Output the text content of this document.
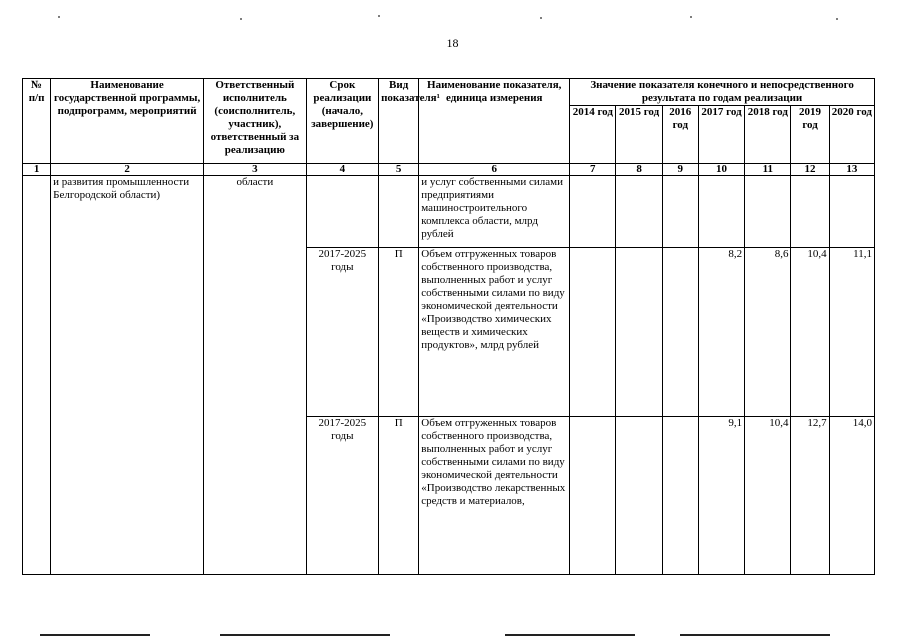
18
№ п/п	Наименование государственной программы, подпрограмм, мероприятий	Ответственный исполнитель (соисполнитель, участник), ответственный за реализацию	Срок реализации (начало, завершение)	Вид показателя¹	Наименование показателя, единица измерения	Значение показателя конечного и непосредственного результата по годам реализации						
						2014 год	2015 год	2016 год	2017 год	2018 год	2019 год	2020 год
1	2	3	4	5	6	7	8	9	10	11	12	13
	и развития промышленности Белгородской области)	области			и услуг собственными силами предприятиями машиностроительного комплекса области, млрд рублей							
			2017-2025 годы	П	Объем отгруженных товаров собственного производства, выполненных работ и услуг собственными силами по виду экономической деятельности «Производство химических веществ и химических продуктов», млрд рублей				8,2	8,6	10,4	11,1
			2017-2025 годы	П	Объем отгруженных товаров собственного производства, выполненных работ и услуг собственными силами по виду экономической деятельности «Производство лекарственных средств и материалов,				9,1	10,4	12,7	14,0
